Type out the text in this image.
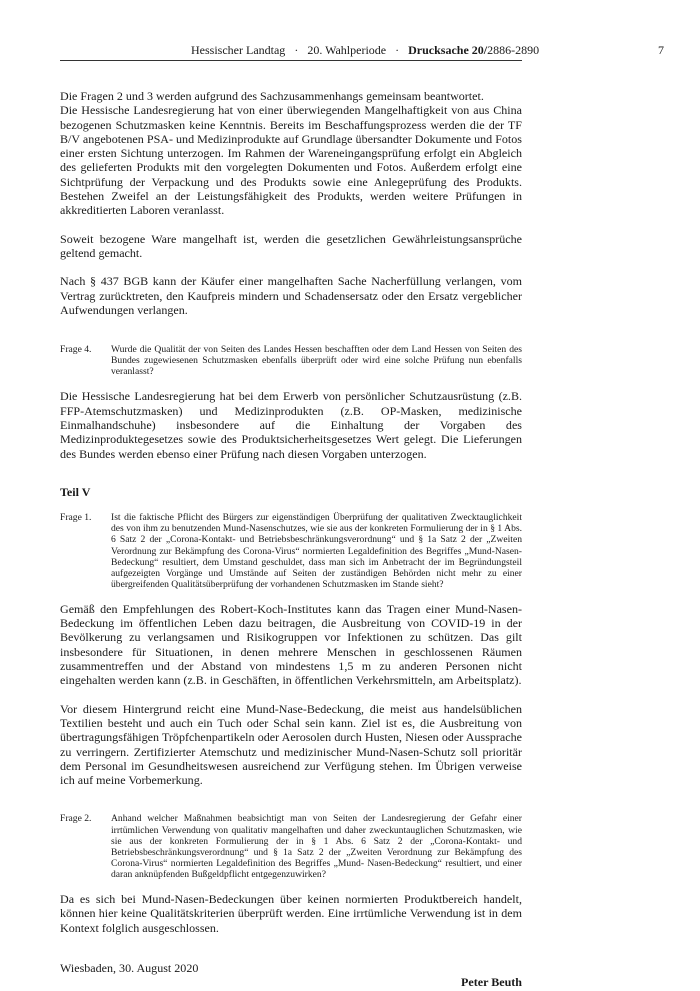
Hessischer Landtag · 20. Wahlperiode · Drucksache 20/2886-2890	7

Die Fragen 2 und 3 werden aufgrund des Sachzusammenhangs gemeinsam beantwortet.

Die Hessische Landesregierung hat von einer überwiegenden Mangelhaftigkeit von aus China bezogenen Schutzmasken keine Kenntnis. Bereits im Beschaffungsprozess werden die der TF B/V angebotenen PSA- und Medizinprodukte auf Grundlage übersandter Dokumente und Fotos einer ersten Sichtung unterzogen. Im Rahmen der Wareneingangsprüfung erfolgt ein Abgleich des gelieferten Produkts mit den vorgelegten Dokumenten und Fotos. Außerdem erfolgt eine Sichtprüfung der Verpackung und des Produkts sowie eine Anlegeprüfung des Produkts. Bestehen Zweifel an der Leistungsfähigkeit des Produkts, werden weitere Prüfungen in akkreditierten Laboren veranlasst.

Soweit bezogene Ware mangelhaft ist, werden die gesetzlichen Gewährleistungsansprüche geltend gemacht.

Nach § 437 BGB kann der Käufer einer mangelhaften Sache Nacherfüllung verlangen, vom Vertrag zurücktreten, den Kaufpreis mindern und Schadensersatz oder den Ersatz vergeblicher Aufwendungen verlangen.

Frage 4.	Wurde die Qualität der von Seiten des Landes Hessen beschafften oder dem Land Hessen von Seiten des Bundes zugewiesenen Schutzmasken ebenfalls überprüft oder wird eine solche Prüfung nun ebenfalls veranlasst?

Die Hessische Landesregierung hat bei dem Erwerb von persönlicher Schutzausrüstung (z.B. FFP-Atemschutzmasken) und Medizinprodukten (z.B. OP-Masken, medizinische Einmalhandschuhe) insbesondere auf die Einhaltung der Vorgaben des Medizinproduktegesetzes sowie des Produktsicherheitsgesetzes Wert gelegt. Die Lieferungen des Bundes werden ebenso einer Prüfung nach diesen Vorgaben unterzogen.

Teil V

Frage 1.	Ist die faktische Pflicht des Bürgers zur eigenständigen Überprüfung der qualitativen Zwecktauglichkeit des von ihm zu benutzenden Mund-Nasenschutzes, wie sie aus der konkreten Formulierung der in § 1 Abs. 6 Satz 2 der „Corona-Kontakt- und Betriebsbeschränkungsverordnung“ und § 1a Satz 2 der „Zweiten Verordnung zur Bekämpfung des Corona-Virus“ normierten Legaldefinition des Begriffes „Mund-Nasen-Bedeckung“ resultiert, dem Umstand geschuldet, dass man sich im Anbetracht der im Begründungsteil aufgezeigten Vorgänge und Umstände auf Seiten der zuständigen Behörden nicht mehr zu einer übergreifenden Qualitätsüberprüfung der vorhandenen Schutzmasken im Stande sieht?

Gemäß den Empfehlungen des Robert-Koch-Institutes kann das Tragen einer Mund-Nasen-Bedeckung im öffentlichen Leben dazu beitragen, die Ausbreitung von COVID-19 in der Bevölkerung zu verlangsamen und Risikogruppen vor Infektionen zu schützen. Das gilt insbesondere für Situationen, in denen mehrere Menschen in geschlossenen Räumen zusammentreffen und der Abstand von mindestens 1,5 m zu anderen Personen nicht eingehalten werden kann (z.B. in Geschäften, in öffentlichen Verkehrsmitteln, am Arbeitsplatz).

Vor diesem Hintergrund reicht eine Mund-Nase-Bedeckung, die meist aus handelsüblichen Textilien besteht und auch ein Tuch oder Schal sein kann. Ziel ist es, die Ausbreitung von übertragungsfähigen Tröpfchenpartikeln oder Aerosolen durch Husten, Niesen oder Aussprache zu verringern. Zertifizierter Atemschutz und medizinischer Mund-Nasen-Schutz soll prioritär dem Personal im Gesundheitswesen ausreichend zur Verfügung stehen. Im Übrigen verweise ich auf meine Vorbemerkung.

Frage 2.	Anhand welcher Maßnahmen beabsichtigt man von Seiten der Landesregierung der Gefahr einer irrtümlichen Verwendung von qualitativ mangelhaften und daher zweckuntauglichen Schutzmasken, wie sie aus der konkreten Formulierung der in § 1 Abs. 6 Satz 2 der „Corona-Kontakt- und Betriebsbeschränkungsverordnung“ und § 1a Satz 2 der „Zweiten Verordnung zur Bekämpfung des Corona-Virus“ normierten Legaldefinition des Begriffes „Mund- Nasen-Bedeckung“ resultiert, und einer daran anknüpfenden Bußgeldpflicht entgegenzuwirken?

Da es sich bei Mund-Nasen-Bedeckungen über keinen normierten Produktbereich handelt, können hier keine Qualitätskriterien überprüft werden. Eine irrtümliche Verwendung ist in dem Kontext folglich ausgeschlossen.

Wiesbaden, 30. August 2020
Peter Beuth
